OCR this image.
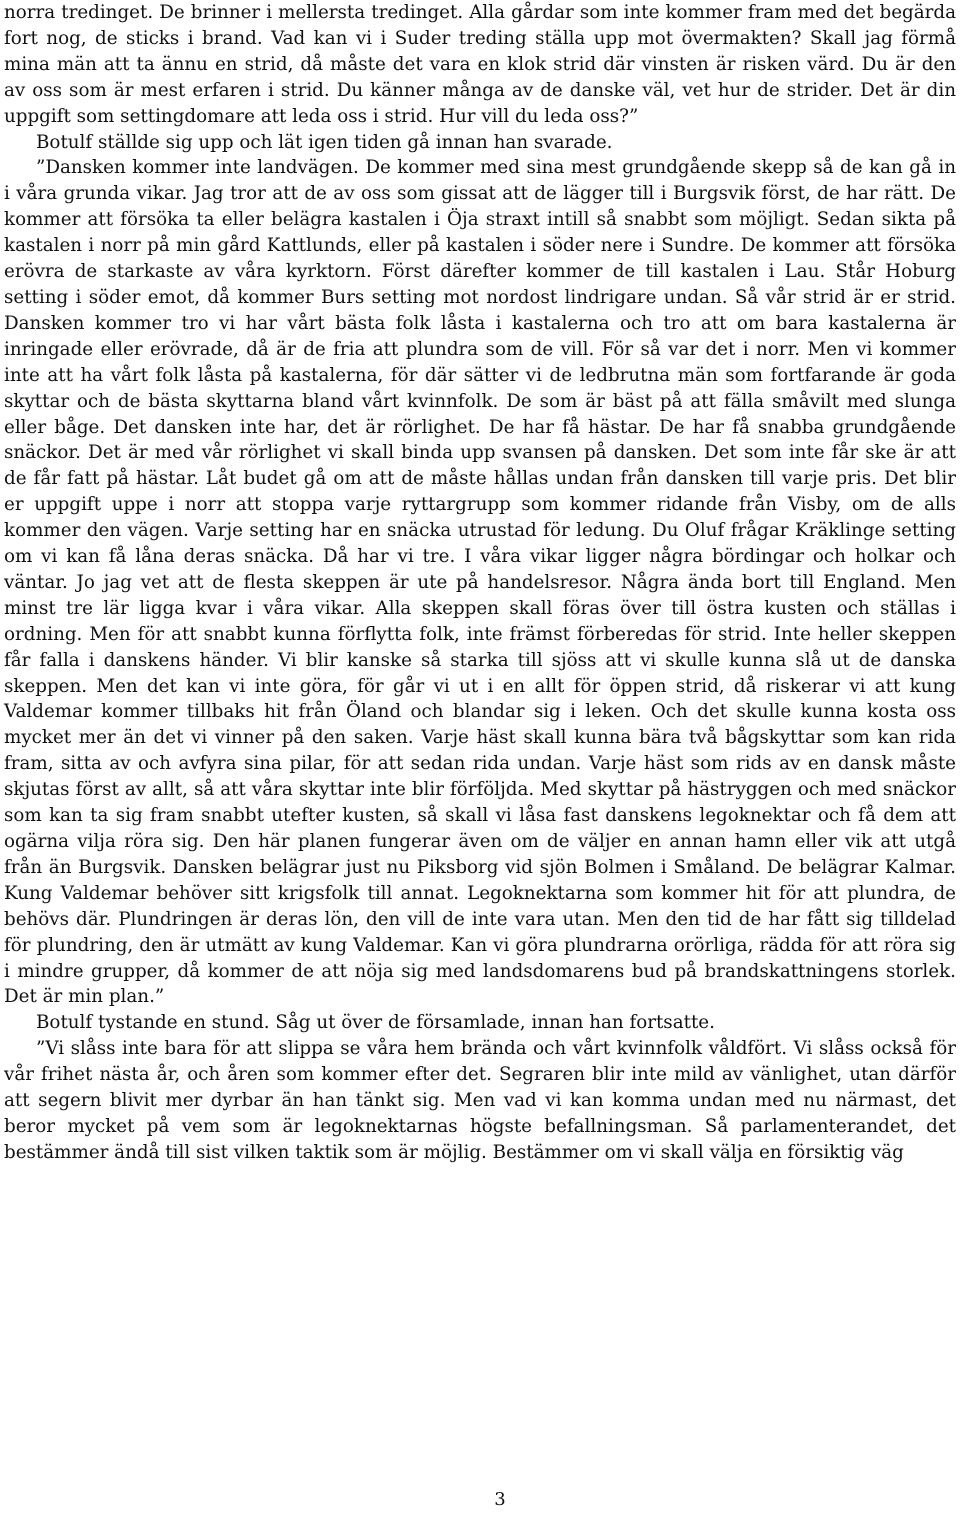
norra tredinget. De brinner i mellersta tredinget. Alla gårdar som inte kommer fram med det begärda fort nog, de sticks i brand. Vad kan vi i Suder treding ställa upp mot övermakten? Skall jag förmå mina män att ta ännu en strid, då måste det vara en klok strid där vinsten är risken värd. Du är den av oss som är mest erfaren i strid. Du känner många av de danske väl, vet hur de strider. Det är din uppgift som settingdomare att leda oss i strid. Hur vill du leda oss?”

Botulf ställde sig upp och lät igen tiden gå innan han svarade.

”Dansken kommer inte landvägen. De kommer med sina mest grundgående skepp så de kan gå in i våra grunda vikar. Jag tror att de av oss som gissat att de lägger till i Burgsvik först, de har rätt. De kommer att försöka ta eller belägra kastalen i Öja straxt intill så snabbt som möjligt. Sedan sikta på kastalen i norr på min gård Kattlunds, eller på kastalen i söder nere i Sundre. De kommer att försöka erövra de starkaste av våra kyrktorn. Först därefter kommer de till kastalen i Lau. Står Hoburg setting i söder emot, då kommer Burs setting mot nordost lindrigare undan. Så vår strid är er strid. Dansken kommer tro vi har vårt bästa folk låsta i kastalerna och tro att om bara kastalerna är inringade eller erövrade, då är de fria att plundra som de vill. För så var det i norr. Men vi kommer inte att ha vårt folk låsta på kastalerna, för där sätter vi de ledbrutna män som fortfarande är goda skyttar och de bästa skyttarna bland vårt kvinnfolk. De som är bäst på att fälla småvilt med slunga eller båge. Det dansken inte har, det är rörlighet. De har få hästar. De har få snabba grundgående snäckor. Det är med vår rörlighet vi skall binda upp svansen på dansken. Det som inte får ske är att de får fatt på hästar. Låt budet gå om att de måste hållas undan från dansken till varje pris. Det blir er uppgift uppe i norr att stoppa varje ryttargrupp som kommer ridande från Visby, om de alls kommer den vägen. Varje setting har en snäcka utrustad för ledung. Du Oluf frågar Kräklinge setting om vi kan få låna deras snäcka. Då har vi tre. I våra vikar ligger några bördingar och holkar och väntar. Jo jag vet att de flesta skeppen är ute på handelsresor. Några ända bort till England. Men minst tre lär ligga kvar i våra vikar. Alla skeppen skall föras över till östra kusten och ställas i ordning. Men för att snabbt kunna förflytta folk, inte främst förberedas för strid. Inte heller skeppen får falla i danskens händer. Vi blir kanske så starka till sjöss att vi skulle kunna slå ut de danska skeppen. Men det kan vi inte göra, för går vi ut i en allt för öppen strid, då riskerar vi att kung Valdemar kommer tillbaks hit från Öland och blandar sig i leken. Och det skulle kunna kosta oss mycket mer än det vi vinner på den saken. Varje häst skall kunna bära två bågskyttar som kan rida fram, sitta av och avfyra sina pilar, för att sedan rida undan. Varje häst som rids av en dansk måste skjutas först av allt, så att våra skyttar inte blir förföljda. Med skyttar på hästryggen och med snäckor som kan ta sig fram snabbt utefter kusten, så skall vi låsa fast danskens legoknektar och få dem att ogärna vilja röra sig. Den här planen fungerar även om de väljer en annan hamn eller vik att utgå från än Burgsvik. Dansken belägrar just nu Piksborg vid sjön Bolmen i Småland. De belägrar Kalmar. Kung Valdemar behöver sitt krigsfolk till annat. Legoknektarna som kommer hit för att plundra, de behövs där. Plundringen är deras lön, den vill de inte vara utan. Men den tid de har fått sig tilldelad för plundring, den är utmätt av kung Valdemar. Kan vi göra plundrarna orörliga, rädda för att röra sig i mindre grupper, då kommer de att nöja sig med landsdomarens bud på brandskattningens storlek. Det är min plan.”

Botulf tystande en stund. Såg ut över de församlade, innan han fortsatte.

”Vi slåss inte bara för att slippa se våra hem brända och vårt kvinnfolk våldfört. Vi slåss också för vår frihet nästa år, och åren som kommer efter det. Segraren blir inte mild av vänlighet, utan därför att segern blivit mer dyrbar än han tänkt sig. Men vad vi kan komma undan med nu närmast, det beror mycket på vem som är legoknektarnas högste befallningsman. Så parlamenterandet, det bestämmer ändå till sist vilken taktik som är möjlig. Bestämmer om vi skall välja en försiktig väg

3
